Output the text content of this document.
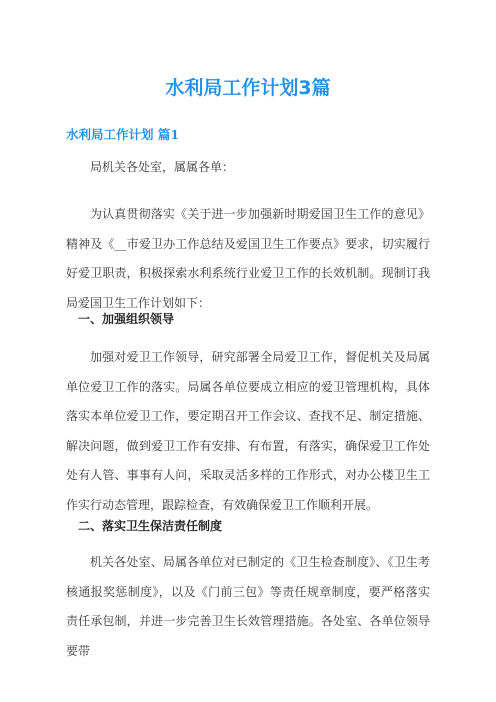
水利局工作计划3篇
水利局工作计划 篇1

局机关各处室，属属各单：

为认真贯彻落实《关于进一步加强新时期爱国卫生工作的意见》精神及《__市爱卫办工作总结及爱国卫生工作要点》要求，切实履行好爱卫职责，积极探索水利系统行业爱卫工作的长效机制。现制订我局爱国卫生工作计划如下：

一、加强组织领导

加强对爱卫工作领导，研究部署全局爱卫工作，督促机关及局属单位爱卫工作的落实。局属各单位要成立相应的爱卫管理机构，具体落实本单位爱卫工作，要定期召开工作会议、查找不足、制定措施、解决问题，做到爱卫工作有安排、有布置，有落实，确保爱卫工作处处有人管、事事有人问，采取灵活多样的工作形式，对办公楼卫生工作实行动态管理，跟踪检查，有效确保爱卫工作顺利开展。

二、落实卫生保洁责任制度

机关各处室、局属各单位对已制定的《卫生检查制度》、《卫生考核通报奖惩制度》，以及《门前三包》等责任规章制度，要严格落实责任承包制，并进一步完善卫生长效管理措施。各处室、各单位领导要带
